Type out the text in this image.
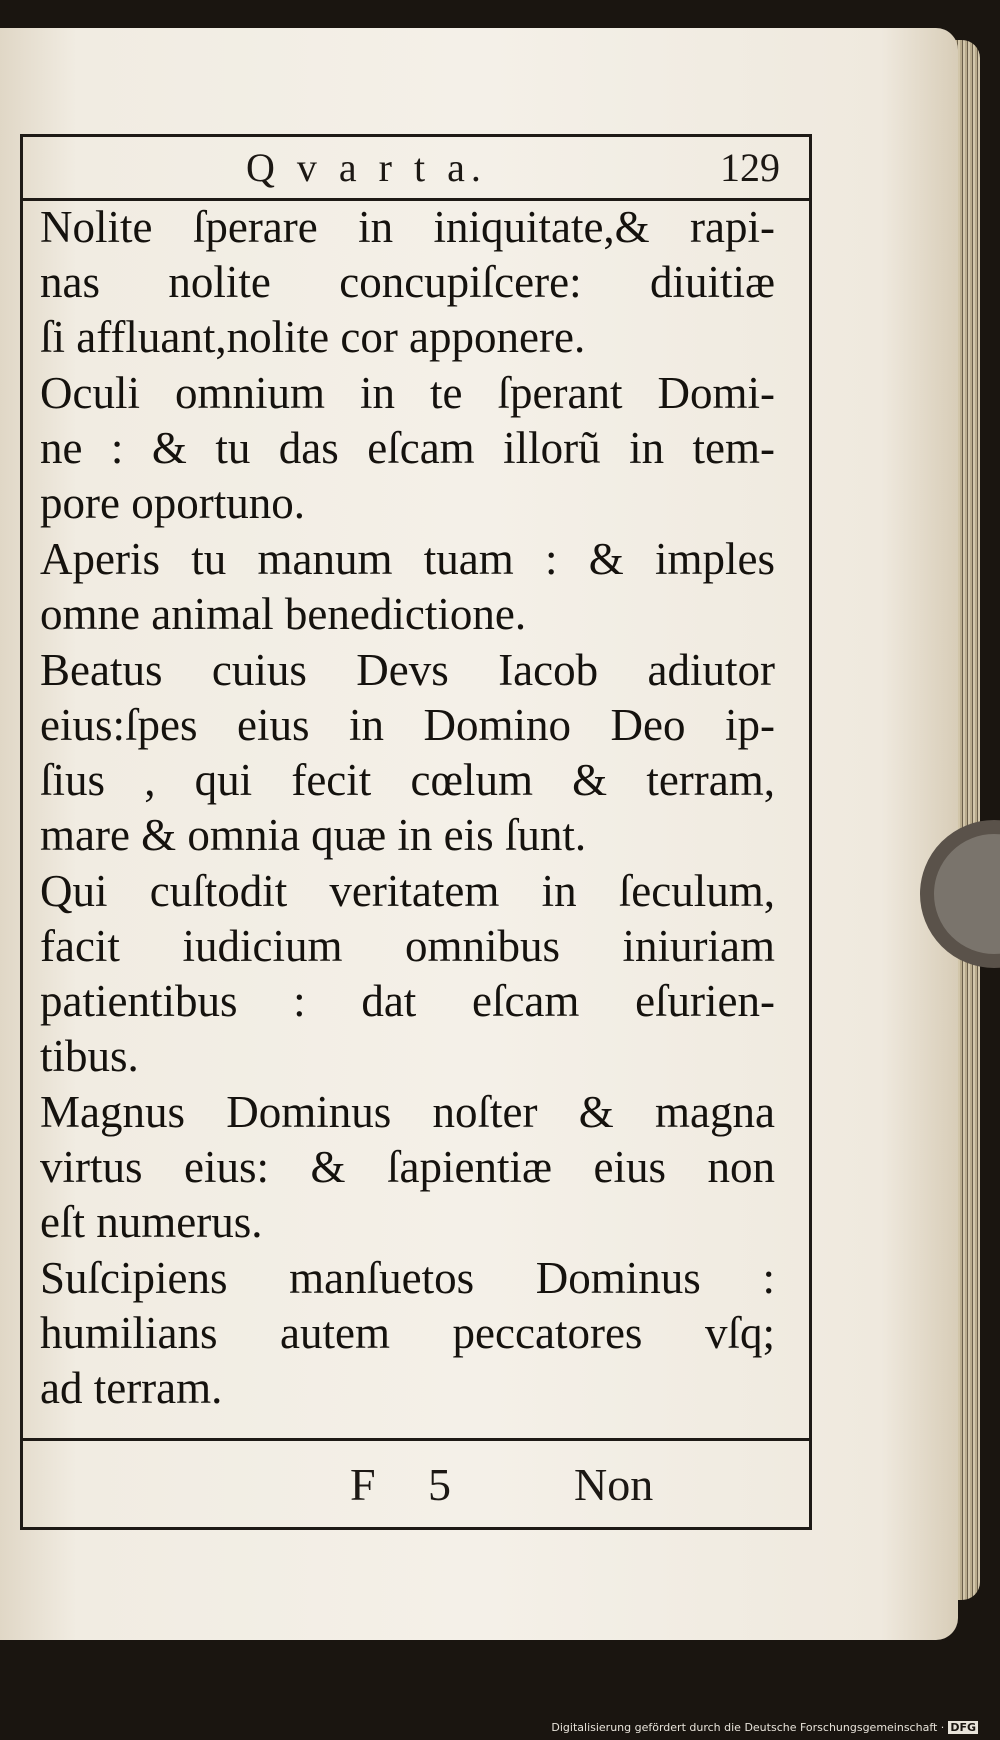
Q v a r t a.	129
Nolite ſperare in iniquitate,& rapi-
nas nolite concupiſcere: diuitiæ
ſi affluant,nolite cor apponere.
Oculi omnium in te ſperant Domi-
ne : & tu das eſcam illorũ in tem-
pore oportuno.
Aperis tu manum tuam : & imples
omne animal benedictione.
Beatus cuius Devs Iacob adiutor
eius:ſpes eius in Domino Deo ip-
ſius , qui fecit cœlum & terram,
mare & omnia quæ in eis ſunt.
Qui cuſtodit veritatem in ſeculum,
facit iudicium omnibus iniuriam
patientibus : dat eſcam eſurien-
tibus.
Magnus Dominus noſter & magna
virtus eius: & ſapientiæ eius non
eſt numerus.
Suſcipiens manſuetos Dominus :
humilians autem peccatores vſq;
ad terram.
F 5	Non
Digitalisierung gefördert durch die Deutsche Forschungsgemeinschaft · DFG
